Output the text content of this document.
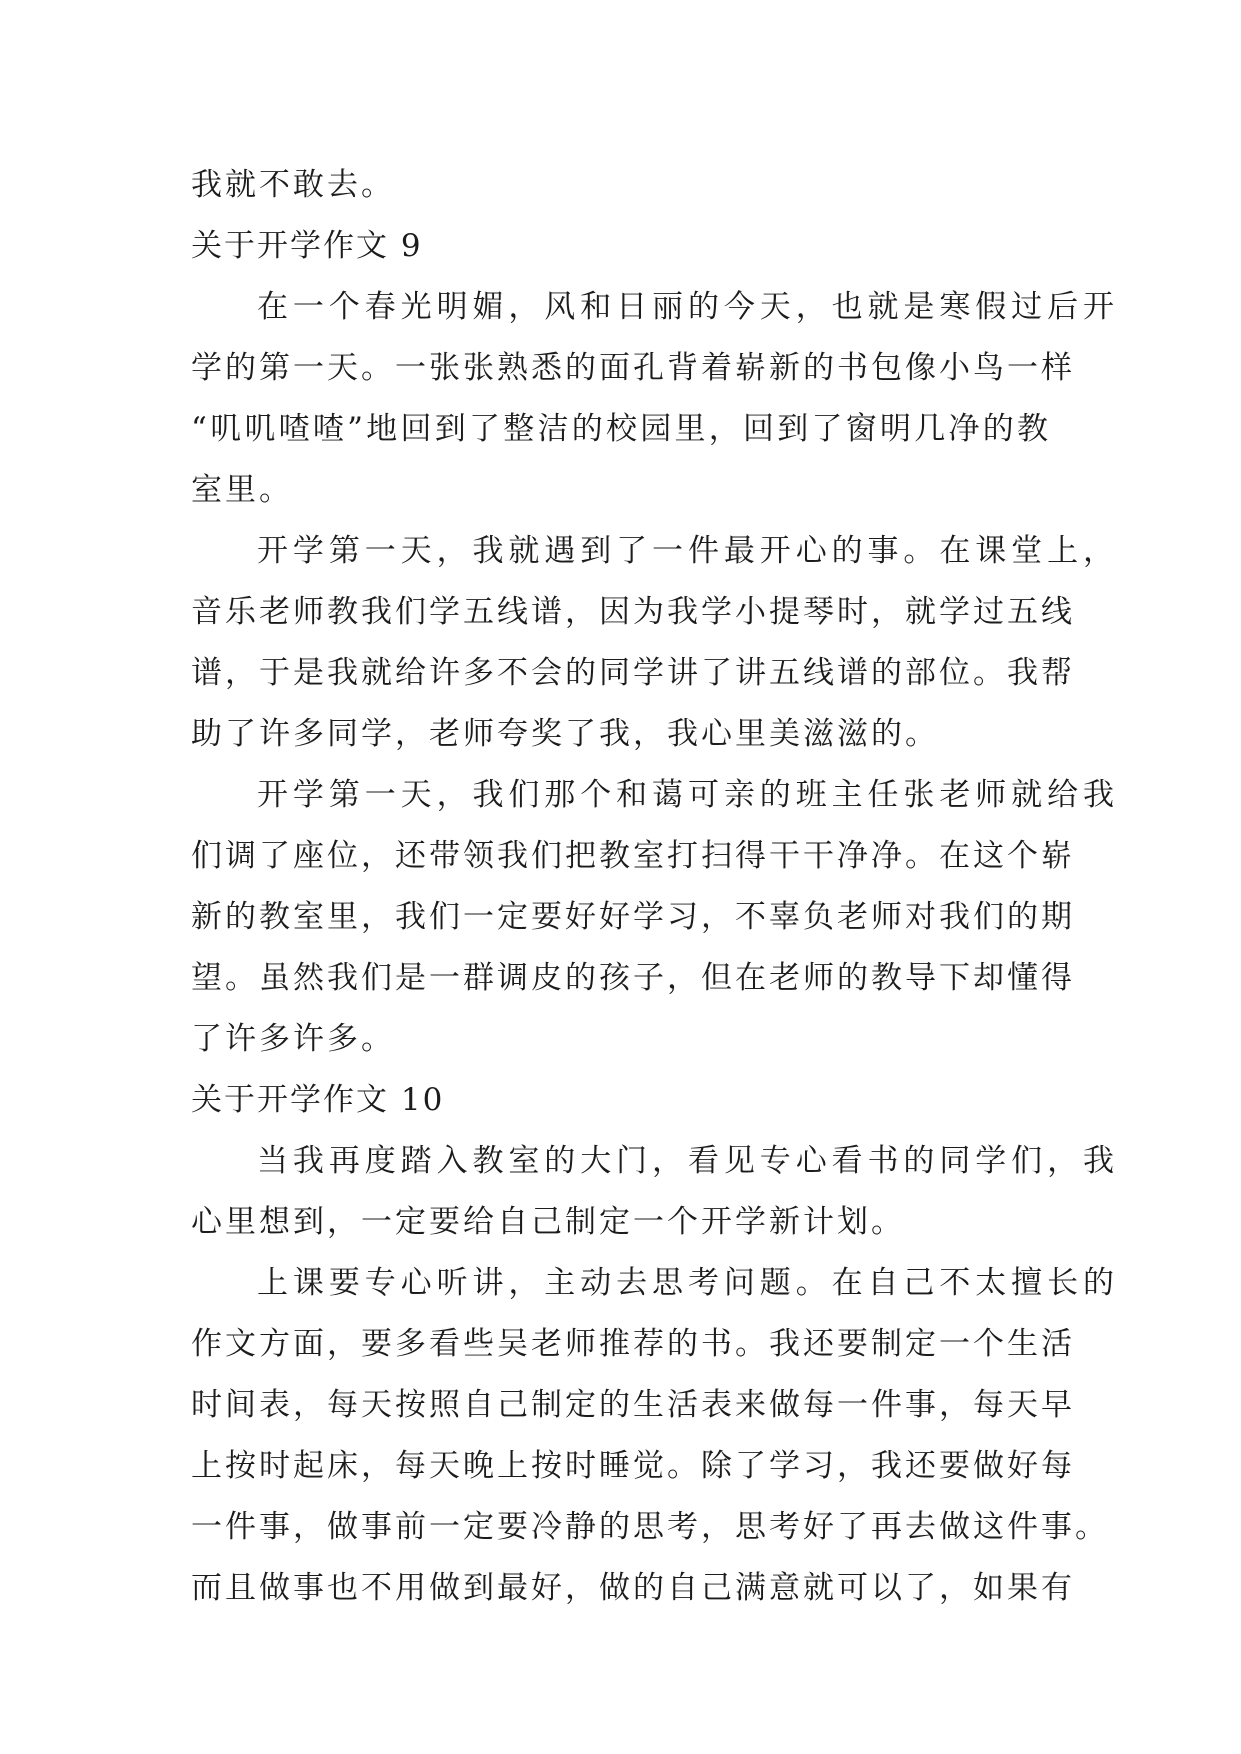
我就不敢去。
关于开学作文 9
在一个春光明媚，风和日丽的今天，也就是寒假过后开
学的第一天。一张张熟悉的面孔背着崭新的书包像小鸟一样
“叽叽喳喳”地回到了整洁的校园里，回到了窗明几净的教
室里。
开学第一天，我就遇到了一件最开心的事。在课堂上，
音乐老师教我们学五线谱，因为我学小提琴时，就学过五线
谱，于是我就给许多不会的同学讲了讲五线谱的部位。我帮
助了许多同学，老师夸奖了我，我心里美滋滋的。
开学第一天，我们那个和蔼可亲的班主任张老师就给我
们调了座位，还带领我们把教室打扫得干干净净。在这个崭
新的教室里，我们一定要好好学习，不辜负老师对我们的期
望。虽然我们是一群调皮的孩子，但在老师的教导下却懂得
了许多许多。
关于开学作文 10
当我再度踏入教室的大门，看见专心看书的同学们，我
心里想到，一定要给自己制定一个开学新计划。
上课要专心听讲，主动去思考问题。在自己不太擅长的
作文方面，要多看些吴老师推荐的书。我还要制定一个生活
时间表，每天按照自己制定的生活表来做每一件事，每天早
上按时起床，每天晚上按时睡觉。除了学习，我还要做好每
一件事，做事前一定要冷静的思考，思考好了再去做这件事。
而且做事也不用做到最好，做的自己满意就可以了，如果有
